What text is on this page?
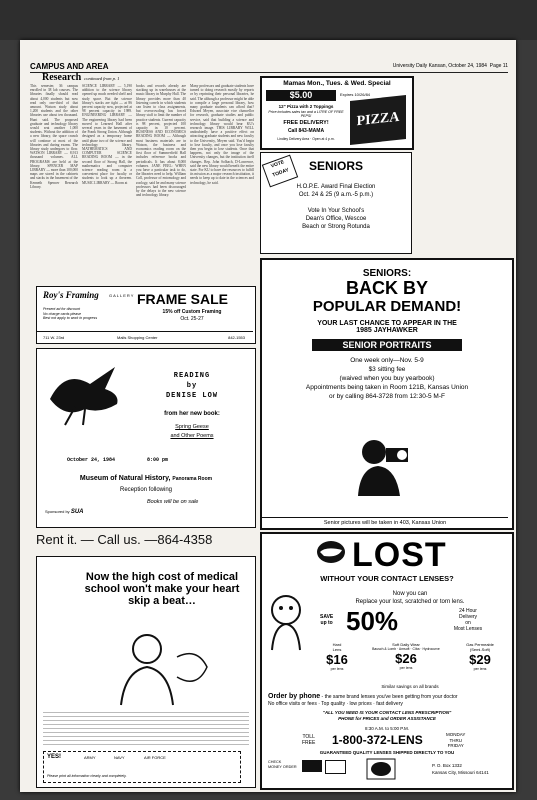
CAMPUS AND AREA	University Daily Kansan, October 24, 1984 Page 11
Research continued from p. 1
This semester, 36 campus enrolled in 38 lab courses. The libraries finally should read about 4,000 students but now read only one-third of that amount. Watson study about 1,200 students and the other libraries use about ten thousand. Hunt said. The proposed graduate and technology library would seat another 1,000 students. Without the addition of a new library, the space crunch will continue at most of the libraries and during exams. The library study undergoes to flow. WATSON LIBRARY — 8,913 thousand volumes. ALL PROGRAMS are held at the library. SPENCER MAP LIBRARY — more than 100,000 maps are stored in the cabinets and stacks in the basement of the Kenneth Spencer Research Library.
SCIENCE LIBRARY — 5,190 addition to the science library opened up much needed shelf and study space. But the science library's stacks are tight — at 86 percent capacity now, projected at 98 percent capacity in 1989. ENGINEERING LIBRARY — The engineering library had been moved to Learned Hall after several years in the basement of the Frank Strong Union. Although designed as a temporary home until phase two of the science and technology library. MATHEMATICS AND COMPUTER SCIENCE READING ROOM — in the second floor of Strong Hall, the mathematics and computer science reading room is a convenient place for faculty or students to look up a theorem. MUSIC LIBRARY — Room at
books and records already are stacking up in warehouses at the music library in Murphy Hall. The library provides more than 40 listening carrels in which students can listen to class assignments, but overcrowding has forced library staff to limit the number of practice students. Current capacity is 98 percent, projected 100 capacity in 10 percent. BUSINESS AND ECONOMICS READING ROOM — Although most business materials are in Watson, the business and economics reading room on the first floor of Summerfield Hall includes reference books and periodicals. It has about 8,000 volumes. JANE FEEL: WHEN you have a particular task to do, the libraries need to help. William Coll, professor of entomology and zoology, said he and many science professors had been discouraged by the delays to the new science and technology library.
Many professors and graduate students have turned to doing research mostly by reports or by reprinting their personal libraries, he said. The although a professor might be able to compile a large personal library, how many graduate students can afford that? Edward Meyen, associate vice chancellor for research, graduate studies and public service, said that building a science and technology library would bear KU's research image. THIS LIBRARY WILL undoubtedly have a positive effect on attracting graduate students and new faculty to the University, Meyen said. You'd begin to lose faculty, and once you lose faculty then you begin to lose students. Once that happens, not only the image of the University changes, but the institution itself changes. Rep. John Solbach, D-Lawrence, said the new library would benefit the entire state. For KU to have the resources to fulfill its mission as a major research institution, it needs to keep up to date in the sciences and technology, he said.
Mamas Mon., Tues. & Wed. Special
$5.00	Expires 10/26/84
12" Pizza with 2 Toppings
Price includes sales tax and a LITRE OF FREE PEPSI
FREE DELIVERY!
Call 843-MAMA
Lindley Delivery Area · Open at 4 p.m.
PIZZA
VOTE
TODAY	SENIORS
H.O.P.E. Award Final Election
Oct. 24 & 25 (9 a.m.-5 p.m.)
Vote In Your School's
Dean's Office, Wescoe
Beach or Strong Rotunda
Roy's Framing	GALLERY FRAME SALE
15% off Custom Framing
Oct. 25-27
Present ad for discount
No charge cards please
Best not apply to work in progress
711 W. 23rd	Malls Shopping Center	842-1553
READING
by
DENISE LOW
from her new book:
Spring Geese
and Other Poems
October 24, 1984	8:00 pm
Museum of Natural History, Panorama Room
Reception following
Books will be on sale
Sponsored by SUA
SENIORS:
BACK BY
POPULAR DEMAND!
YOUR LAST CHANCE TO APPEAR IN THE
1985 JAYHAWKER
SENIOR PORTRAITS
One week only—Nov. 5-9
$3 sitting fee
(waived when you buy yearbook)
Appointments being taken in Room 121B, Kansas Union
or by calling 864-3728 from 12:30-5 M-F
Senior pictures will be taken in 403, Kansas Union
Rent it. — Call us. —864-4358
Now the high cost of medical school won't make your heart skip a beat…
YES!	ARMY	NAVY	AIR FORCE
Please print all information clearly and completely.
LOST
WITHOUT YOUR CONTACT LENSES?
Now you can
Replace your lost, scratched or torn lens.
SAVE
up to 50%	24 Hour
Delivery
on
Most Lenses
Hard
Lens
$16
per lens
Soft Daily Wear
Bausch & Lomb · Amsoft · Ciba · Hydrocurve
$26
per lens
Gas Permeable
(Semi-Soft)
$29
per lens
Similar savings on all brands
Order by phone - the same brand lenses you've been getting from your doctor
No office visits or fees · Top quality · low prices · fast delivery
"ALL YOU NEED IS YOUR CONTACT LENS PRESCRIPTION"
PHONE for PRICES and ORDER ASSISTANCE
8:30 A.M. to 5:00 P.M.
TOLL
FREE 1-800-372-LENS	MONDAY
THRU
FRIDAY
GUARANTEED QUALITY LENSES SHIPPED DIRECTLY TO YOU
CHECK
MONEY ORDER	P. O. Box 1332
Kansas City, Missouri 64141
